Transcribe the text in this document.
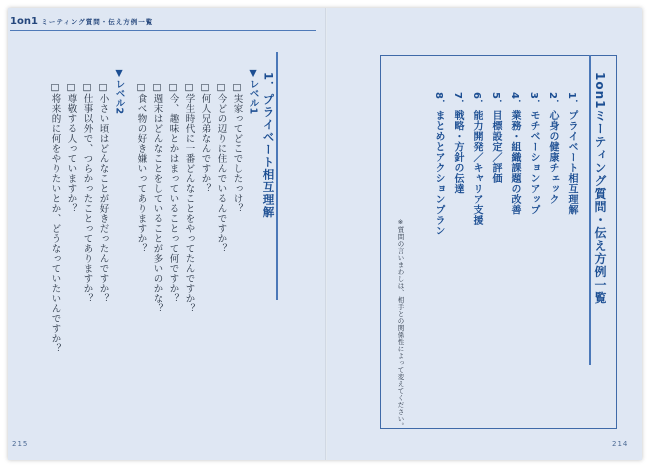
1on1 ミーティング質問・伝え方例一覧
1．プライベート相互理解
▼レベル1
□実家ってどこでしたっけ？
□今どの辺りに住んでいるんですか？
□何人兄弟なんですか？
□学生時代に一番どんなことをやってたんですか？
□今、趣味とかはまっていることって何ですか？
□週末はどんなことをしていることが多いのかな？
□食べ物の好き嫌いってありますか？
▼レベル2
□小さい頃はどんなことが好きだったんですか？
□仕事以外で、つらかったことってありますか？
□尊敬する人っていますか？
□将来的に何をやりたいとか、どうなっていたいんですか？
215
1on1ミーティング質問・伝え方例一覧
1．プライベート相互理解
2．心身の健康チェック
3．モチベーションアップ
4．業務・組織課題の改善
5．目標設定／評価
6．能力開発／キャリア支援
7．戦略・方針の伝達
8．まとめとアクションプラン
※質問の言いまわしは、相手との関係性によって変えてください。
214
